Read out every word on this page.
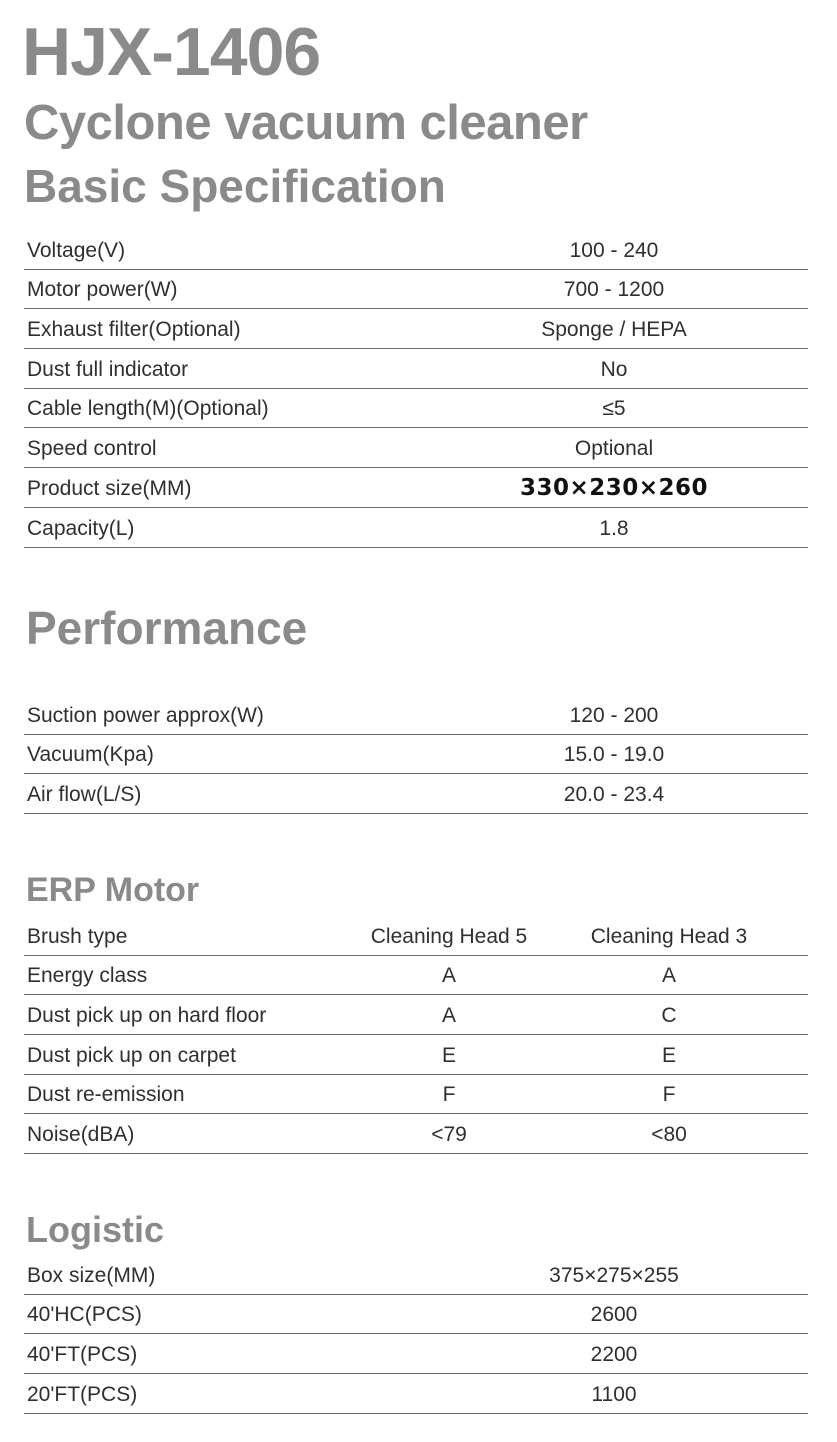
HJX-1406
Cyclone vacuum cleaner
Basic Specification
Voltage(V)	100 - 240
Motor power(W)	700 - 1200
Exhaust filter(Optional)	Sponge / HEPA
Dust full indicator	No
Cable length(M)(Optional)	≤5
Speed control	Optional
Product size(MM)	330×230×260
Capacity(L)	1.8
Performance
Suction power approx(W)	120 - 200
Vacuum(Kpa)	15.0 - 19.0
Air flow(L/S)	20.0 - 23.4
ERP Motor
Brush type	Cleaning Head 5	Cleaning Head 3
Energy class	A	A
Dust pick up on hard floor	A	C
Dust pick up on carpet	E	E
Dust re-emission	F	F
Noise(dBA)	<79	<80
Logistic
Box size(MM)	375×275×255
40'HC(PCS)	2600
40'FT(PCS)	2200
20'FT(PCS)	1100
